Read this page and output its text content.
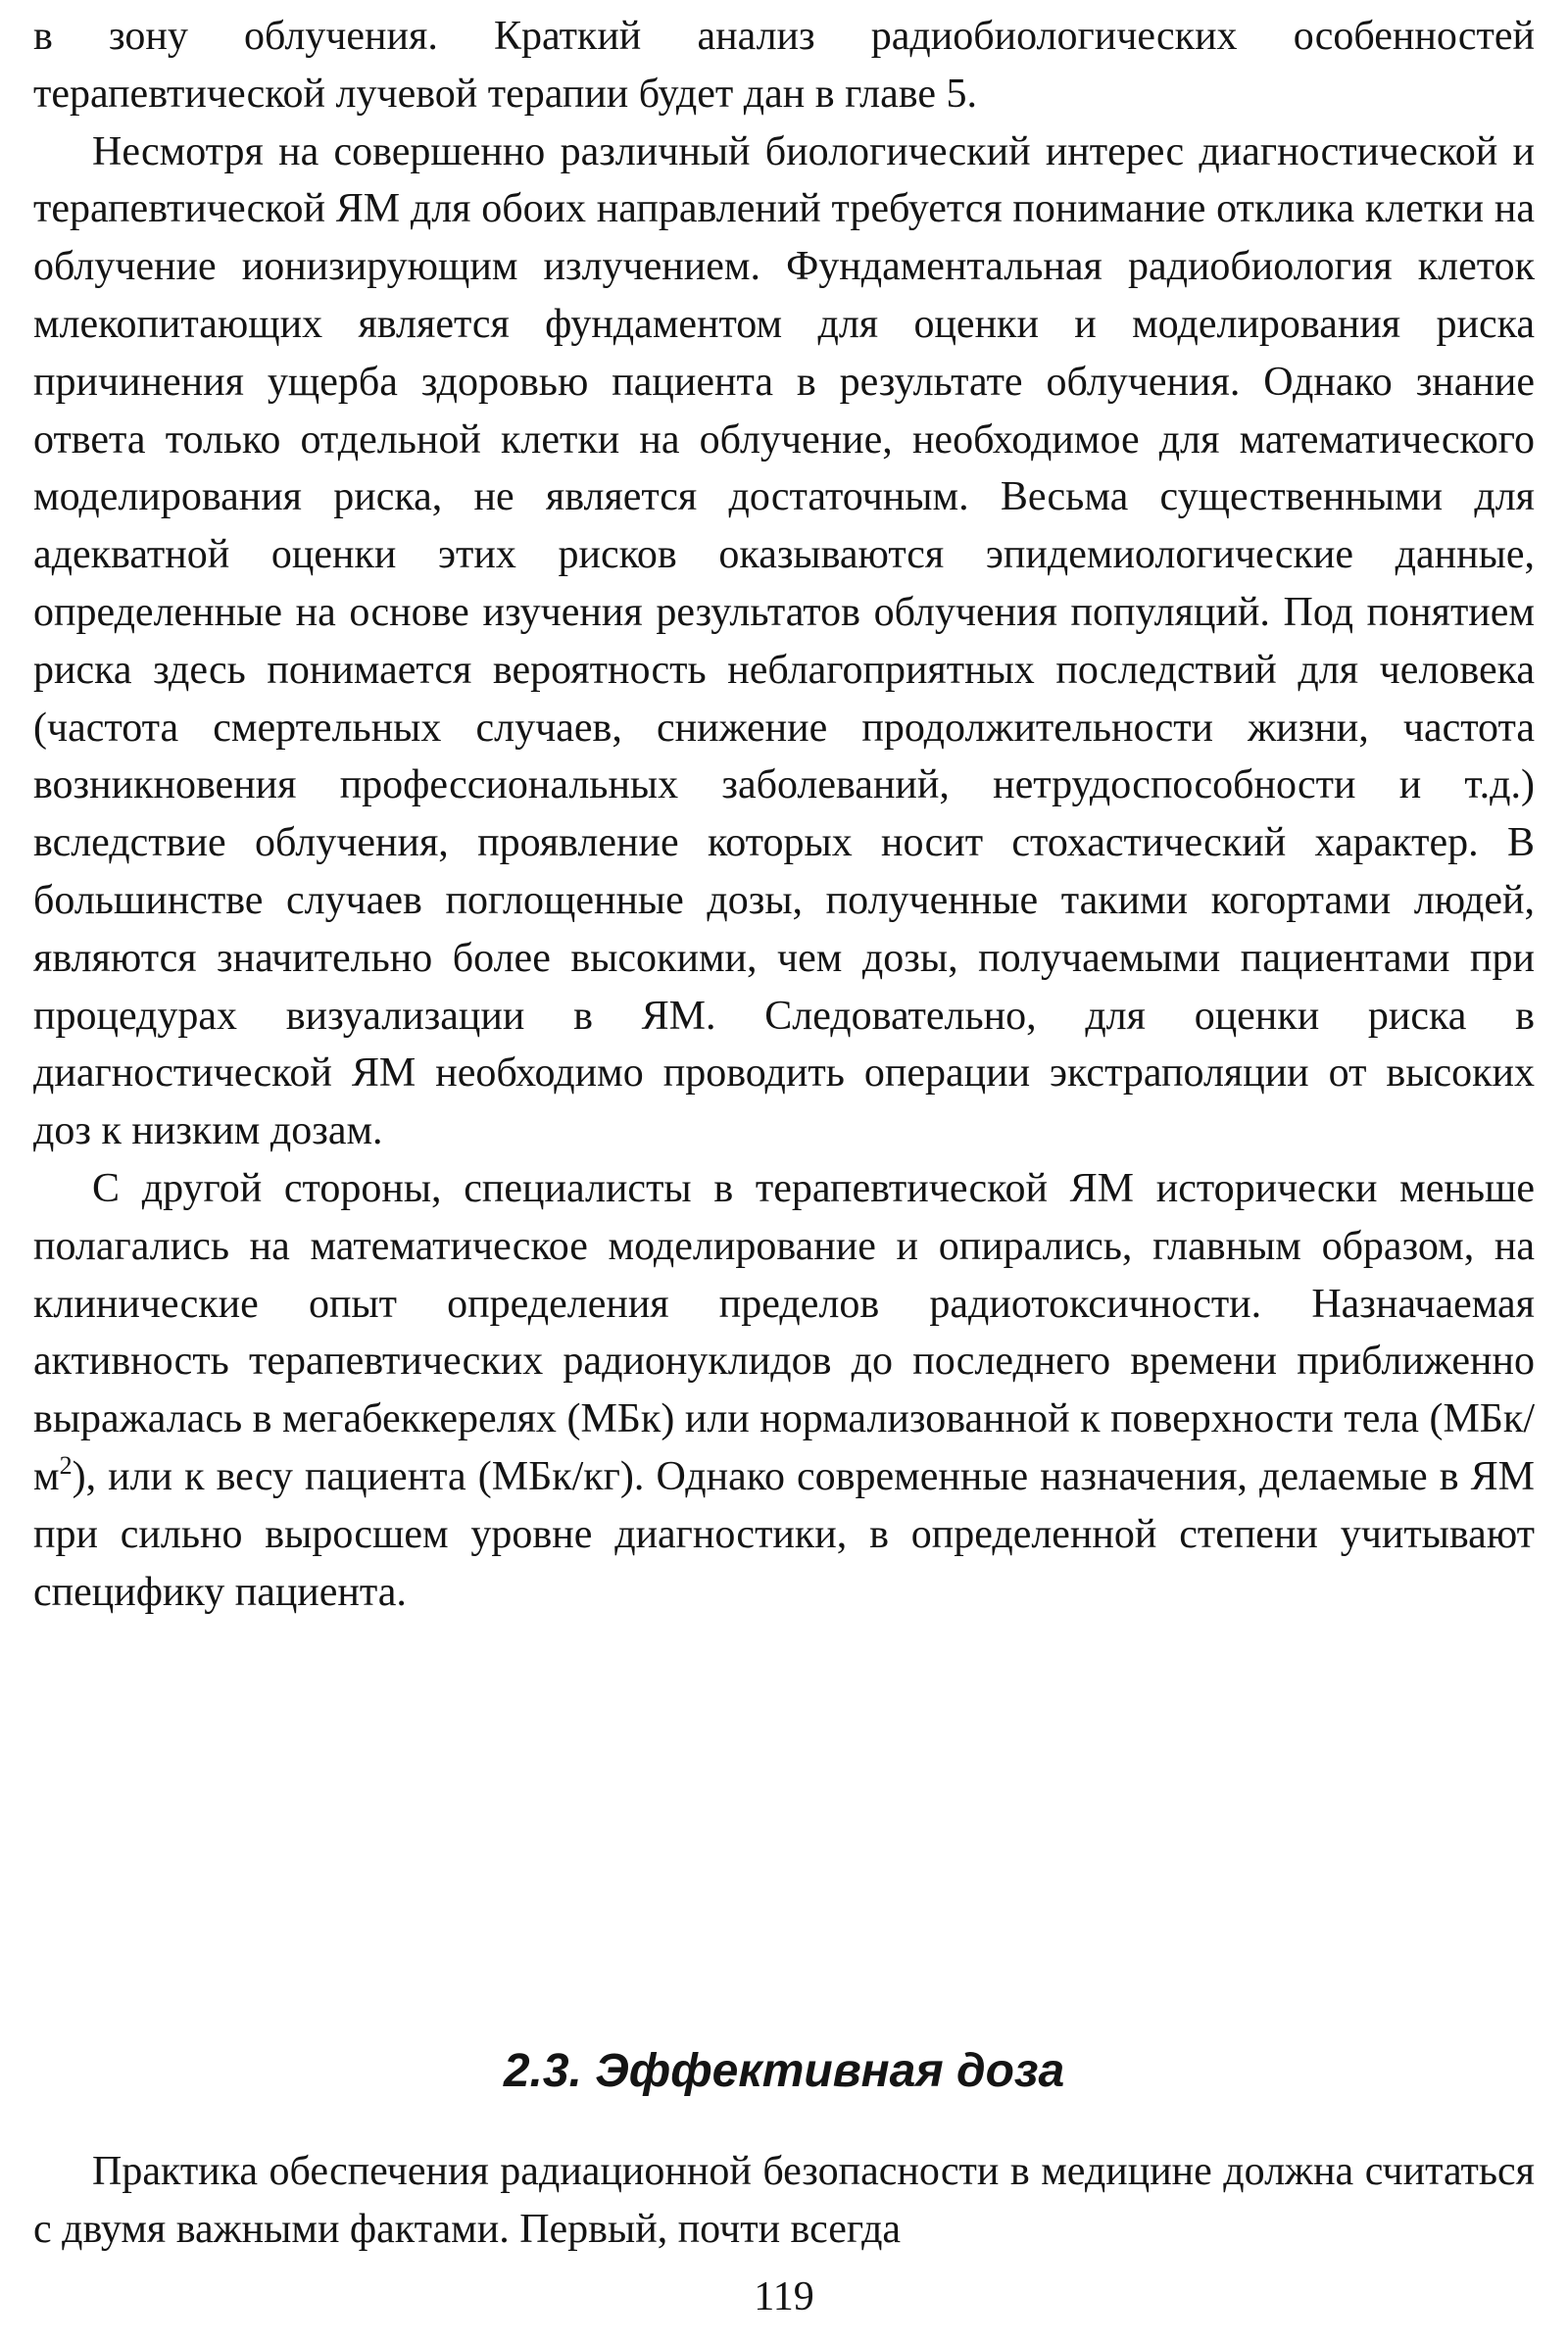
в зону облучения. Краткий анализ радиобиологических особенностей терапевтической лучевой терапии будет дан в главе 5.

Несмотря на совершенно различный биологический интерес диагностической и терапевтической ЯМ для обоих направлений требуется понимание отклика клетки на облучение ионизирующим излучением. Фундаментальная радиобиология клеток млекопитающих является фундаментом для оценки и моделирования риска причинения ущерба здоровью пациента в результате облучения. Однако знание ответа только отдельной клетки на облучение, необходимое для математического моделирования риска, не является достаточным. Весьма существенными для адекватной оценки этих рисков оказываются эпидемиологические данные, определенные на основе изучения результатов облучения популяций. Под понятием риска здесь понимается вероятность неблагоприятных последствий для человека (частота смертельных случаев, снижение продолжительности жизни, частота возникновения профессиональных заболеваний, нетрудоспособности и т.д.) вследствие облучения, проявление которых носит стохастический характер. В большинстве случаев поглощенные дозы, полученные такими когортами людей, являются значительно более высокими, чем дозы, получаемыми пациентами при процедурах визуализации в ЯМ. Следовательно, для оценки риска в диагностической ЯМ необходимо проводить операции экстраполяции от высоких доз к низким дозам.

С другой стороны, специалисты в терапевтической ЯМ исторически меньше полагались на математическое моделирование и опирались, главным образом, на клинические опыт определения пределов радиотоксичности. Назначаемая активность терапевтических радионуклидов до последнего времени приближенно выражалась в мегабеккерелях (МБк) или нормализованной к поверхности тела $(МБк/м^2)$, или к весу пациента (МБк/кг). Однако современные назначения, делаемые в ЯМ при сильно выросшем уровне диагностики, в определенной степени учитывают специфику пациента.

2.3. Эффективная доза

Практика обеспечения радиационной безопасности в медицине должна считаться с двумя важными фактами. Первый, почти всегда

119
